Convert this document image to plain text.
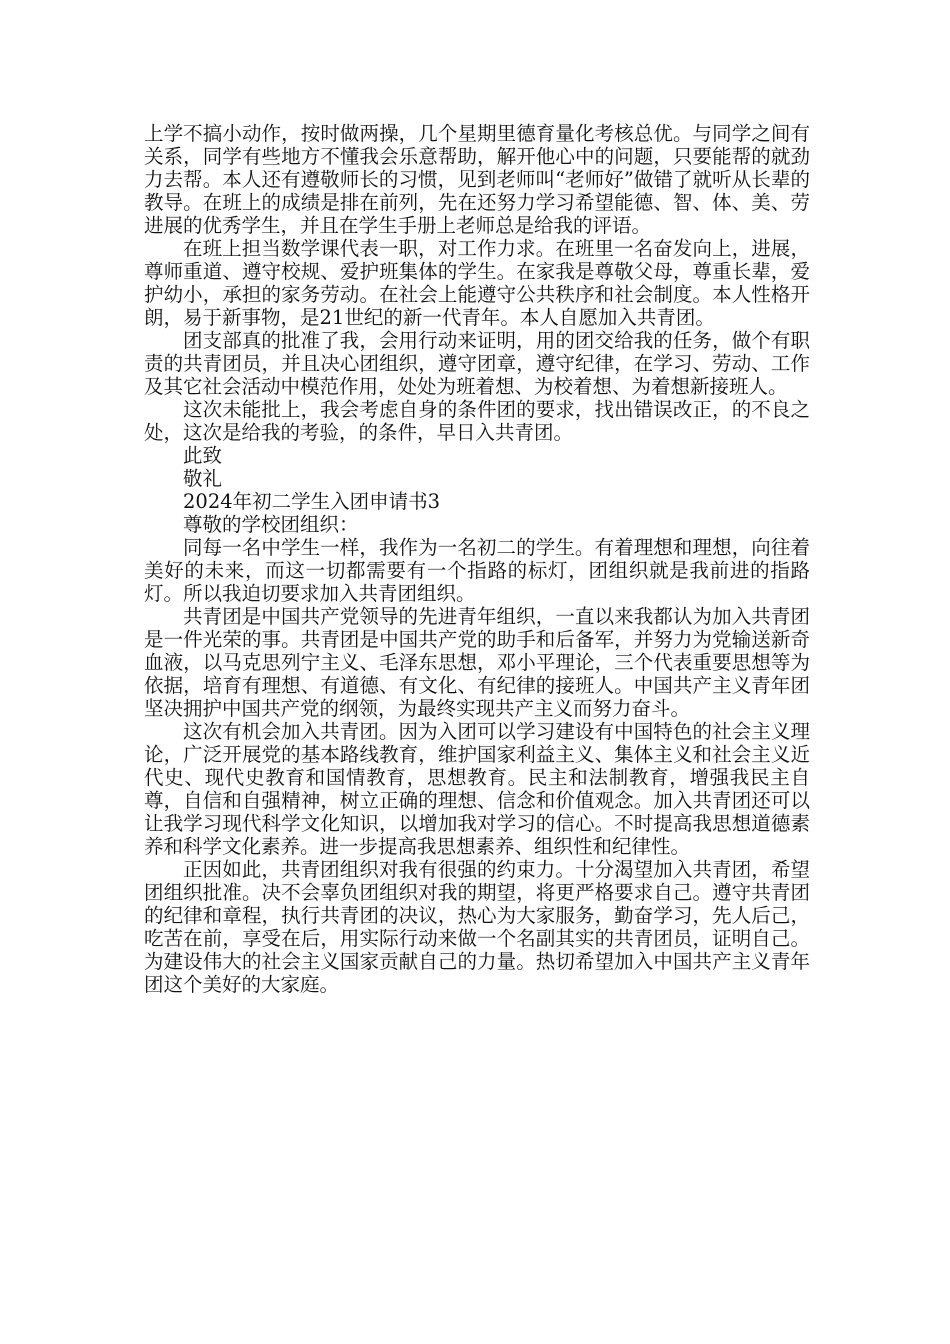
上学不搞小动作，按时做两操，几个星期里德育量化考核总优。与同学之间有关系，同学有些地方不懂我会乐意帮助，解开他心中的问题，只要能帮的就劲力去帮。本人还有遵敬师长的习惯，见到老师叫“老师好”做错了就听从长辈的教导。在班上的成绩是排在前列，先在还努力学习希望能德、智、体、美、劳进展的优秀学生，并且在学生手册上老师总是给我的评语。

在班上担当数学课代表一职，对工作力求。在班里一名奋发向上，进展，尊师重道、遵守校规、爱护班集体的学生。在家我是尊敬父母，尊重长辈，爱护幼小，承担的家务劳动。在社会上能遵守公共秩序和社会制度。本人性格开朗，易于新事物，是21世纪的新一代青年。本人自愿加入共青团。

团支部真的批准了我，会用行动来证明，用的团交给我的任务，做个有职责的共青团员，并且决心团组织，遵守团章，遵守纪律，在学习、劳动、工作及其它社会活动中模范作用，处处为班着想、为校着想、为着想新接班人。

这次未能批上，我会考虑自身的条件团的要求，找出错误改正，的不良之处，这次是给我的考验，的条件，早日入共青团。

此致

敬礼

2024年初二学生入团申请书3

尊敬的学校团组织：

同每一名中学生一样，我作为一名初二的学生。有着理想和理想，向往着美好的未来，而这一切都需要有一个指路的标灯，团组织就是我前进的指路灯。所以我迫切要求加入共青团组织。

共青团是中国共产党领导的先进青年组织，一直以来我都认为加入共青团是一件光荣的事。共青团是中国共产党的助手和后备军，并努力为党输送新奇血液，以马克思列宁主义、毛泽东思想，邓小平理论，三个代表重要思想等为依据，培育有理想、有道德、有文化、有纪律的接班人。中国共产主义青年团坚决拥护中国共产党的纲领，为最终实现共产主义而努力奋斗。

这次有机会加入共青团。因为入团可以学习建设有中国特色的社会主义理论，广泛开展党的基本路线教育，维护国家利益主义、集体主义和社会主义近代史、现代史教育和国情教育，思想教育。民主和法制教育，增强我民主自尊，自信和自强精神，树立正确的理想、信念和价值观念。加入共青团还可以让我学习现代科学文化知识，以增加我对学习的信心。不时提高我思想道德素养和科学文化素养。进一步提高我思想素养、组织性和纪律性。

正因如此，共青团组织对我有很强的约束力。十分渴望加入共青团，希望团组织批准。决不会辜负团组织对我的期望，将更严格要求自己。遵守共青团的纪律和章程，执行共青团的决议，热心为大家服务，勤奋学习，先人后己，吃苦在前，享受在后，用实际行动来做一个名副其实的共青团员，证明自己。为建设伟大的社会主义国家贡献自己的力量。热切希望加入中国共产主义青年团这个美好的大家庭。
